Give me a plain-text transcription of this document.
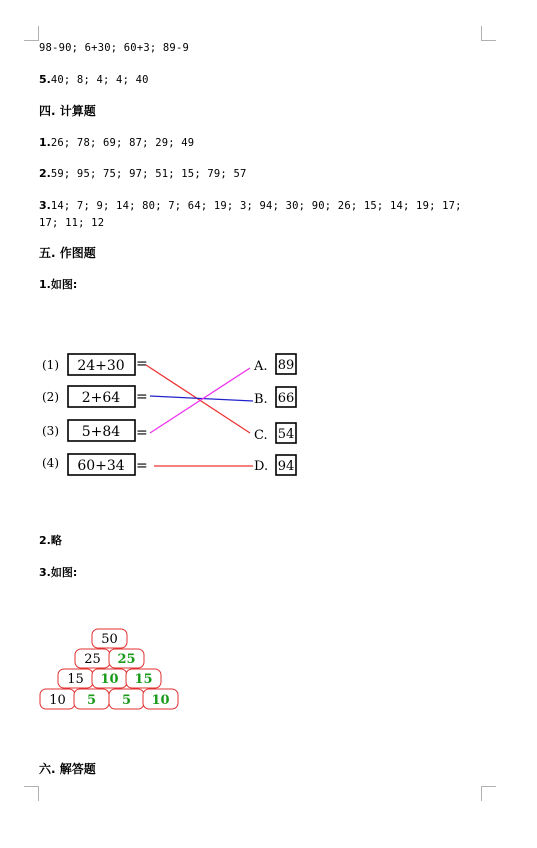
98-90; 6+30; 60+3; 89-9
5.40; 8; 4; 4; 40
四. 计算题
1.26; 78; 69; 87; 29; 49
2.59; 95; 75; 97; 51; 15; 79; 57
3.14; 7; 9; 14; 80; 7; 64; 19; 3; 94; 30; 90; 26; 15; 14; 19; 17;
17; 11; 12
五. 作图题
1.如图:
(1) 24+30 =
(2) 2+64 =
(3) 5+84 =
(4) 60+34 =
A. 89
B. 66
C. 54
D. 94
2.略
3.如图:
50
25 25
15 10 15
10 5 5 10
六. 解答题
